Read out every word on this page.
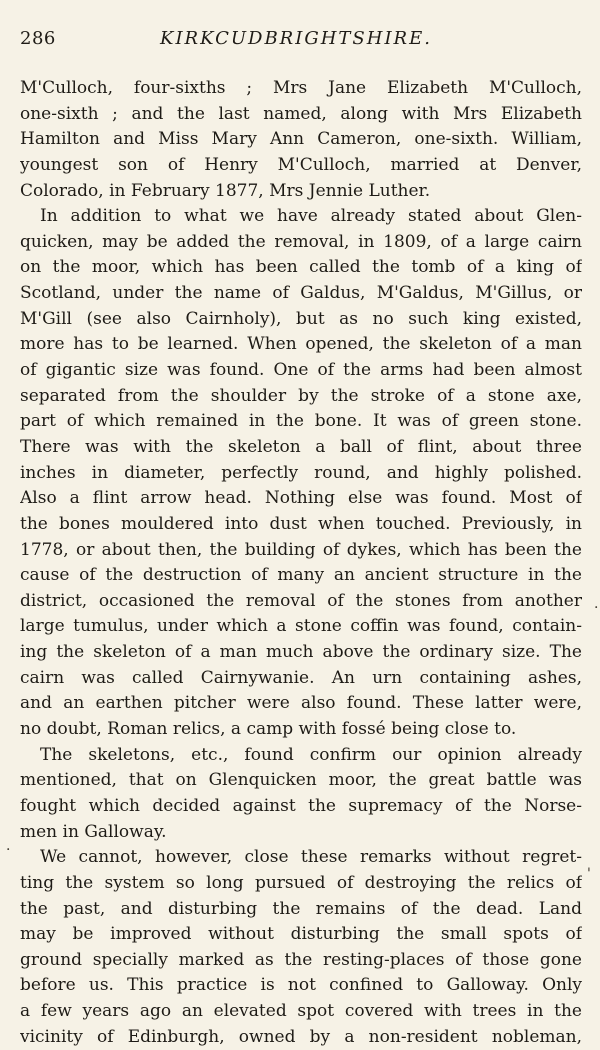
286	KIRKCUDBRIGHTSHIRE.
M'Culloch, four-sixths ; Mrs Jane Elizabeth M'Culloch,
one-sixth ; and the last named, along with Mrs Elizabeth
Hamilton and Miss Mary Ann Cameron, one-sixth. William,
youngest son of Henry M'Culloch, married at Denver,
Colorado, in February 1877, Mrs Jennie Luther.
In addition to what we have already stated about Glen-
quicken, may be added the removal, in 1809, of a large cairn
on the moor, which has been called the tomb of a king of
Scotland, under the name of Galdus, M'Galdus, M'Gillus, or
M'Gill (see also Cairnholy), but as no such king existed,
more has to be learned. When opened, the skeleton of a man
of gigantic size was found. One of the arms had been almost
separated from the shoulder by the stroke of a stone axe,
part of which remained in the bone. It was of green stone.
There was with the skeleton a ball of flint, about three
inches in diameter, perfectly round, and highly polished.
Also a flint arrow head. Nothing else was found. Most of
the bones mouldered into dust when touched. Previously, in
1778, or about then, the building of dykes, which has been the
cause of the destruction of many an ancient structure in the
district, occasioned the removal of the stones from another
large tumulus, under which a stone coffin was found, contain-
ing the skeleton of a man much above the ordinary size. The
cairn was called Cairnywanie. An urn containing ashes,
and an earthen pitcher were also found. These latter were,
no doubt, Roman relics, a camp with fossé being close to.
The skeletons, etc., found confirm our opinion already
mentioned, that on Glenquicken moor, the great battle was
fought which decided against the supremacy of the Norse-
men in Galloway.
We cannot, however, close these remarks without regret-
ting the system so long pursued of destroying the relics of
the past, and disturbing the remains of the dead. Land
may be improved without disturbing the small spots of
ground specially marked as the resting-places of those gone
before us. This practice is not confined to Galloway. Only
a few years ago an elevated spot covered with trees in the
vicinity of Edinburgh, owned by a non-resident nobleman,
·
·
'
